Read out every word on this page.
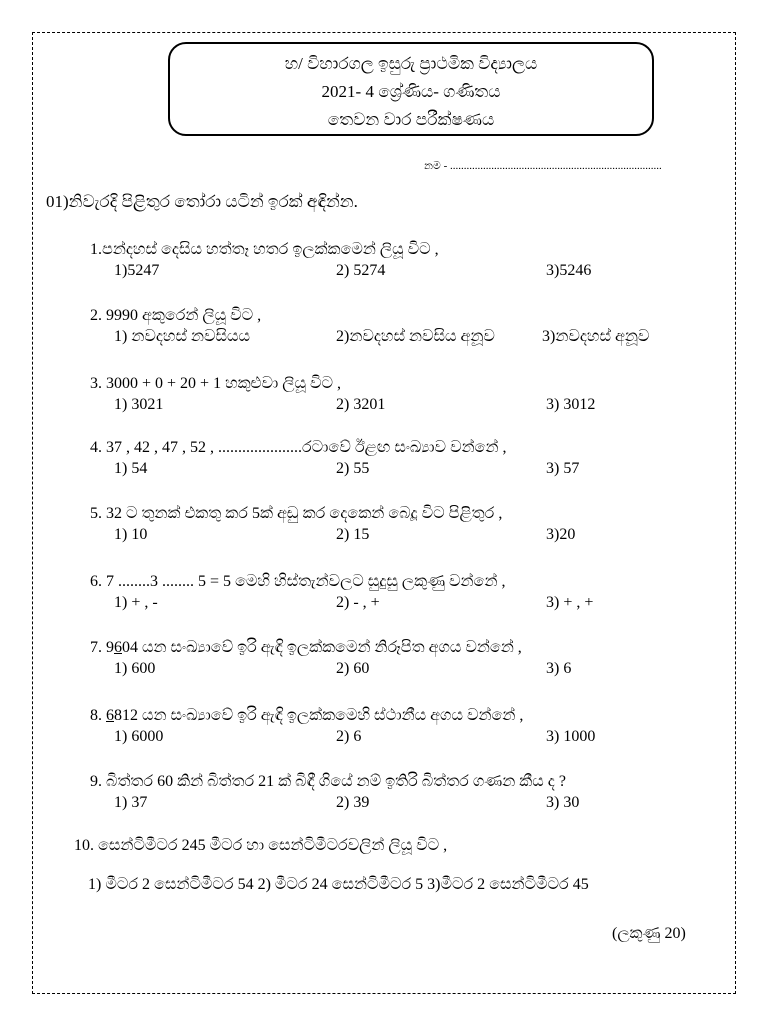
හ/ විහාරගල ඉසුරු ප්‍රාථමික විද්‍යාලය
2021- 4 ශ්‍රේණිය- ගණිතය
තෙවන වාර පරීක්ෂණය
නම - .............................................................................
01)නිවැරදි පිළිතුර තෝරා යටින් ඉරක් අඳින්න.
1.පන්දහස් දෙසිය හත්තෑ හතර ඉලක්කමෙන් ලියූ විට ,
1)5247	2) 5274	3)5246
2. 9990 අකුරෙන් ලියූ විට ,
1) නවදහස් නවසියය	2)නවදහස් නවසිය අනූව	3)නවදහස් අනූව
3. 3000 + 0 + 20 + 1 හකුළුවා ලියූ විට ,
1) 3021	2) 3201	3) 3012
4. 37 , 42 , 47 , 52 , .....................රටාවේ ඊළඟ සංඛ්‍යාව වන්නේ ,
1) 54	2) 55	3) 57
5. 32 ට තුනක් එකතු කර 5ක් අඩු කර දෙකෙන් බෙදූ විට පිළිතුර ,
1) 10	2) 15	3)20
6. 7 ........3 ........ 5 = 5 මෙහි හිස්තැන්වලට සුදුසු ලකුණු වන්නේ ,
1) + , -	2) - , +	3) + , +
7. 9604 යන සංඛ්‍යාවේ ඉරි ඇඳි ඉලක්කමෙන් නිරූපිත අගය වන්නේ ,
1) 600	2) 60	3) 6
8. 6812 යන සංඛ්‍යාවේ ඉරි ඇඳි ඉලක්කමෙහි ස්ථානීය අගය වන්නේ ,
1) 6000	2) 6	3) 1000
9. බිත්තර 60 කින් බිත්තර 21 ක් බිඳී ගියේ නම් ඉතිරි බිත්තර ගණන කීය ද ?
1) 37	2) 39	3) 30
10. සෙන්ටිමීටර 245 මීටර හා සෙන්ටිමීටරවලින් ලියූ විට ,
1) මීටර 2 සෙන්ටිමීටර 54 2) මීටර 24 සෙන්ටිමීටර 5 3)මීටර 2 සෙන්ටිමීටර 45
(ලකුණු 20)
